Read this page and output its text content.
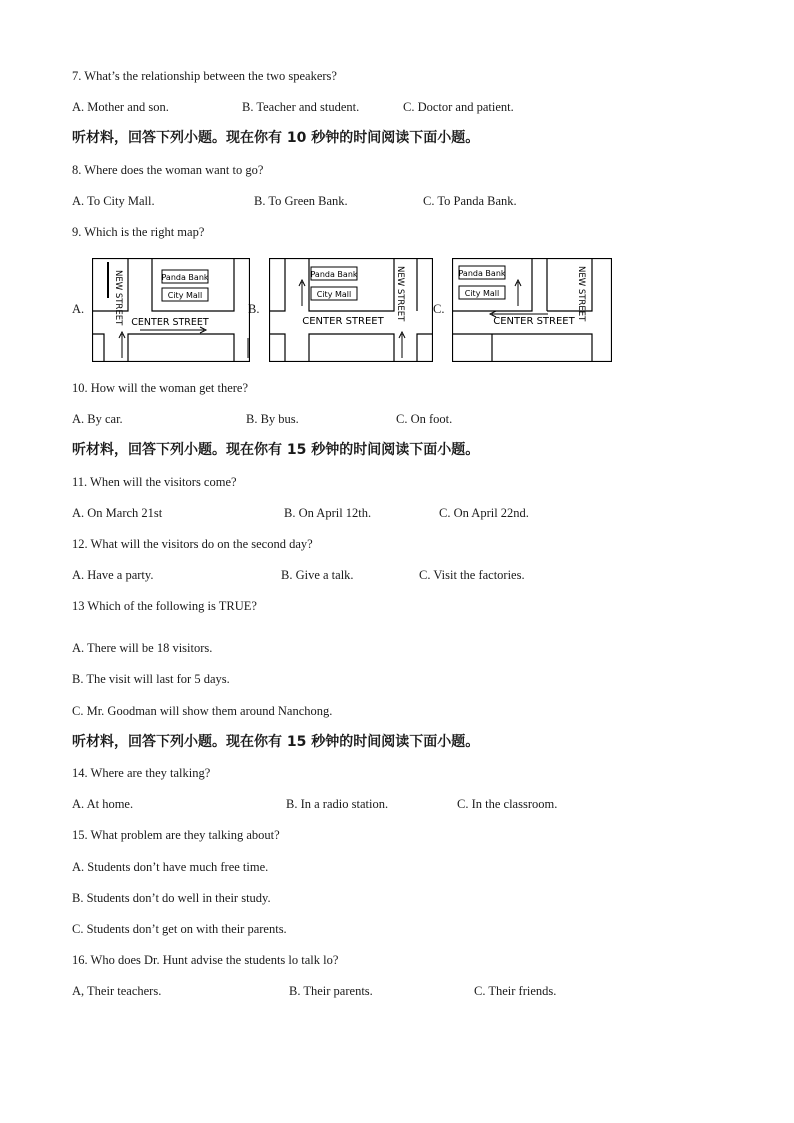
7. What’s the relationship between the two speakers?
A. Mother and son.	B. Teacher and student.	C. Doctor and patient.
听材料，回答下列小题。现在你有 10 秒钟的时间阅读下面小题。
8. Where does the woman want to go?
A. To City Mall.	B. To Green Bank.	C. To Panda Bank.
9. Which is the right map?
A.	B.	C.
Panda Bank
City Mall
CENTER STREET
NEW STREET	Panda Bank
City Mall
CENTER STREET
NEW STREET	Panda Bank
City Mall
CENTER STREET
NEW STREET
10. How will the woman get there?
A. By car.	B. By bus.	C. On foot.
听材料，回答下列小题。现在你有 15 秒钟的时间阅读下面小题。
11. When will the visitors come?
A. On March 21st	B. On April 12th.	C. On April 22nd.
12. What will the visitors do on the second day?
A. Have a party.	B. Give a talk.	C. Visit the factories.
13 Which of the following is TRUE?
A. There will be 18 visitors.
B. The visit will last for 5 days.
C. Mr. Goodman will show them around Nanchong.
听材料，回答下列小题。现在你有 15 秒钟的时间阅读下面小题。
14. Where are they talking?
A. At home.	B. In a radio station.	C. In the classroom.
15. What problem are they talking about?
A. Students don’t have much free time.
B. Students don’t do well in their study.
C. Students don’t get on with their parents.
16. Who does Dr. Hunt advise the students lo talk lo?
A, Their teachers.	B. Their parents.	C. Their friends.
